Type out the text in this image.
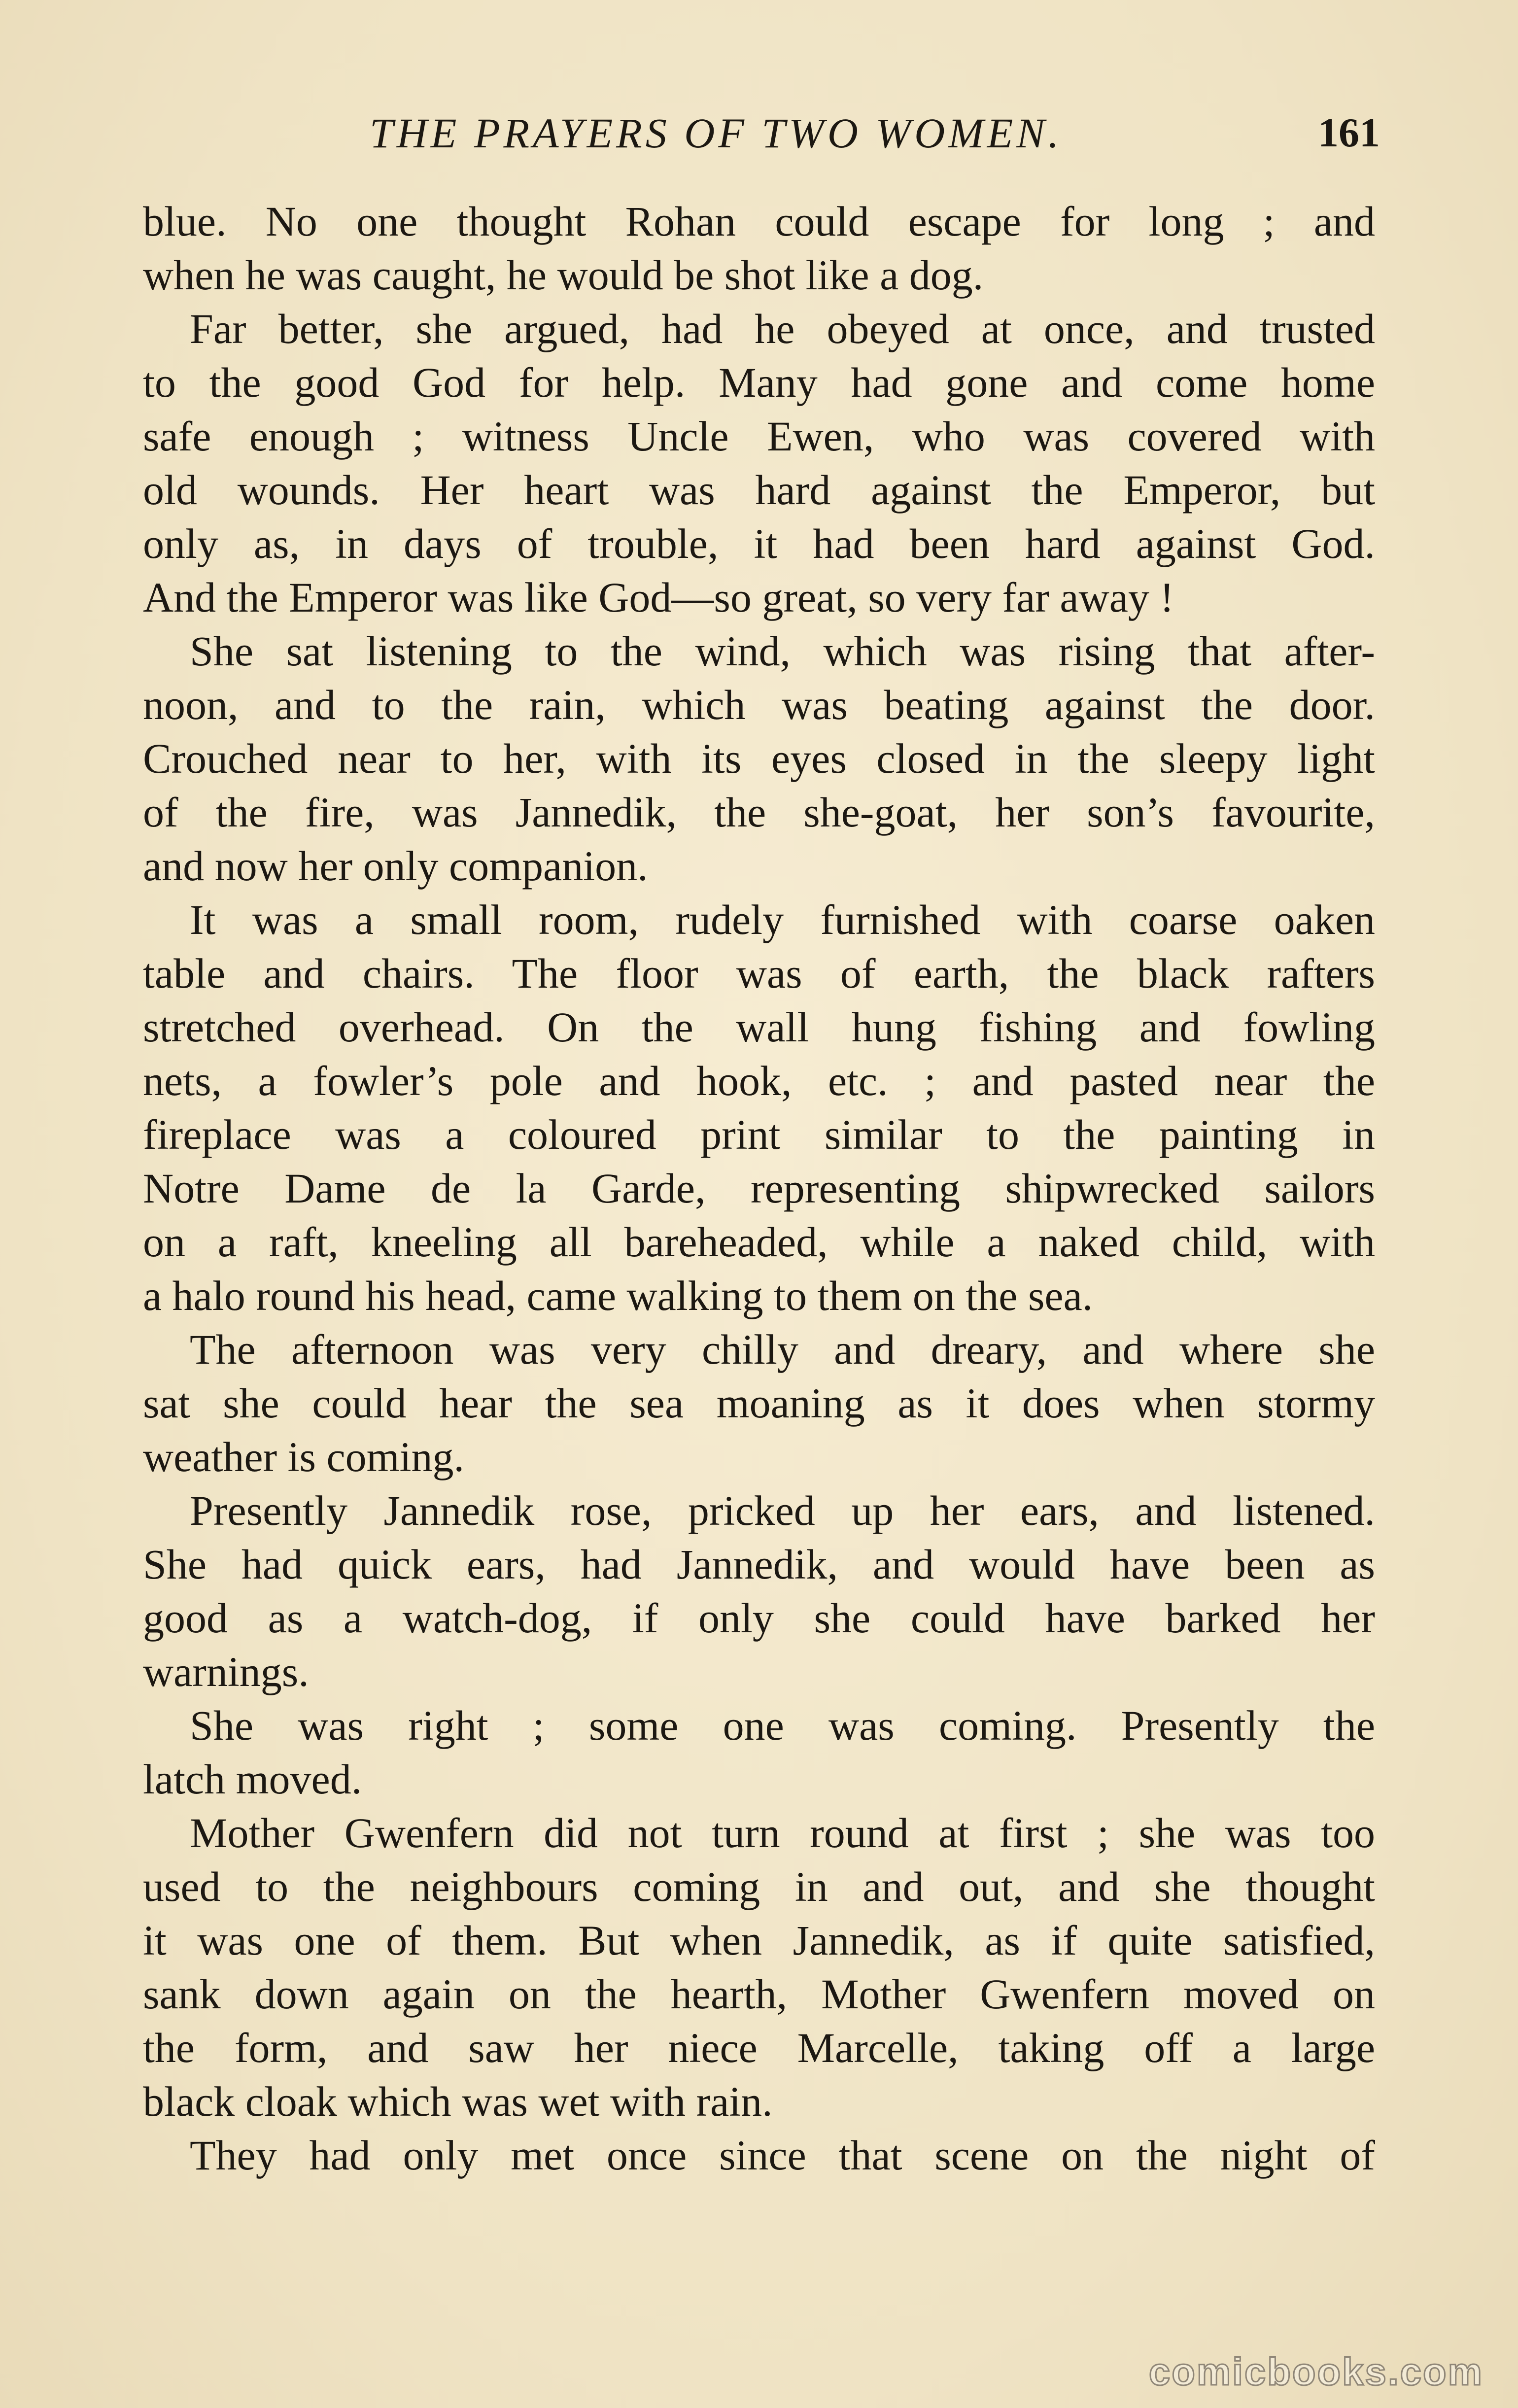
THE PRAYERS OF TWO WOMEN.	161
blue. No one thought Rohan could escape for long ; and
when he was caught, he would be shot like a dog.
Far better, she argued, had he obeyed at once, and trusted
to the good God for help. Many had gone and come home
safe enough ; witness Uncle Ewen, who was covered with
old wounds. Her heart was hard against the Emperor, but
only as, in days of trouble, it had been hard against God.
And the Emperor was like God—so great, so very far away !
She sat listening to the wind, which was rising that after-
noon, and to the rain, which was beating against the door.
Crouched near to her, with its eyes closed in the sleepy light
of the fire, was Jannedik, the she-goat, her son’s favourite,
and now her only companion.
It was a small room, rudely furnished with coarse oaken
table and chairs. The floor was of earth, the black rafters
stretched overhead. On the wall hung fishing and fowling
nets, a fowler’s pole and hook, etc. ; and pasted near the
fireplace was a coloured print similar to the painting in
Notre Dame de la Garde, representing shipwrecked sailors
on a raft, kneeling all bareheaded, while a naked child, with
a halo round his head, came walking to them on the sea.
The afternoon was very chilly and dreary, and where she
sat she could hear the sea moaning as it does when stormy
weather is coming.
Presently Jannedik rose, pricked up her ears, and listened.
She had quick ears, had Jannedik, and would have been as
good as a watch-dog, if only she could have barked her
warnings.
She was right ; some one was coming. Presently the
latch moved.
Mother Gwenfern did not turn round at first ; she was too
used to the neighbours coming in and out, and she thought
it was one of them. But when Jannedik, as if quite satisfied,
sank down again on the hearth, Mother Gwenfern moved on
the form, and saw her niece Marcelle, taking off a large
black cloak which was wet with rain.
They had only met once since that scene on the night of
comicbooks.com
